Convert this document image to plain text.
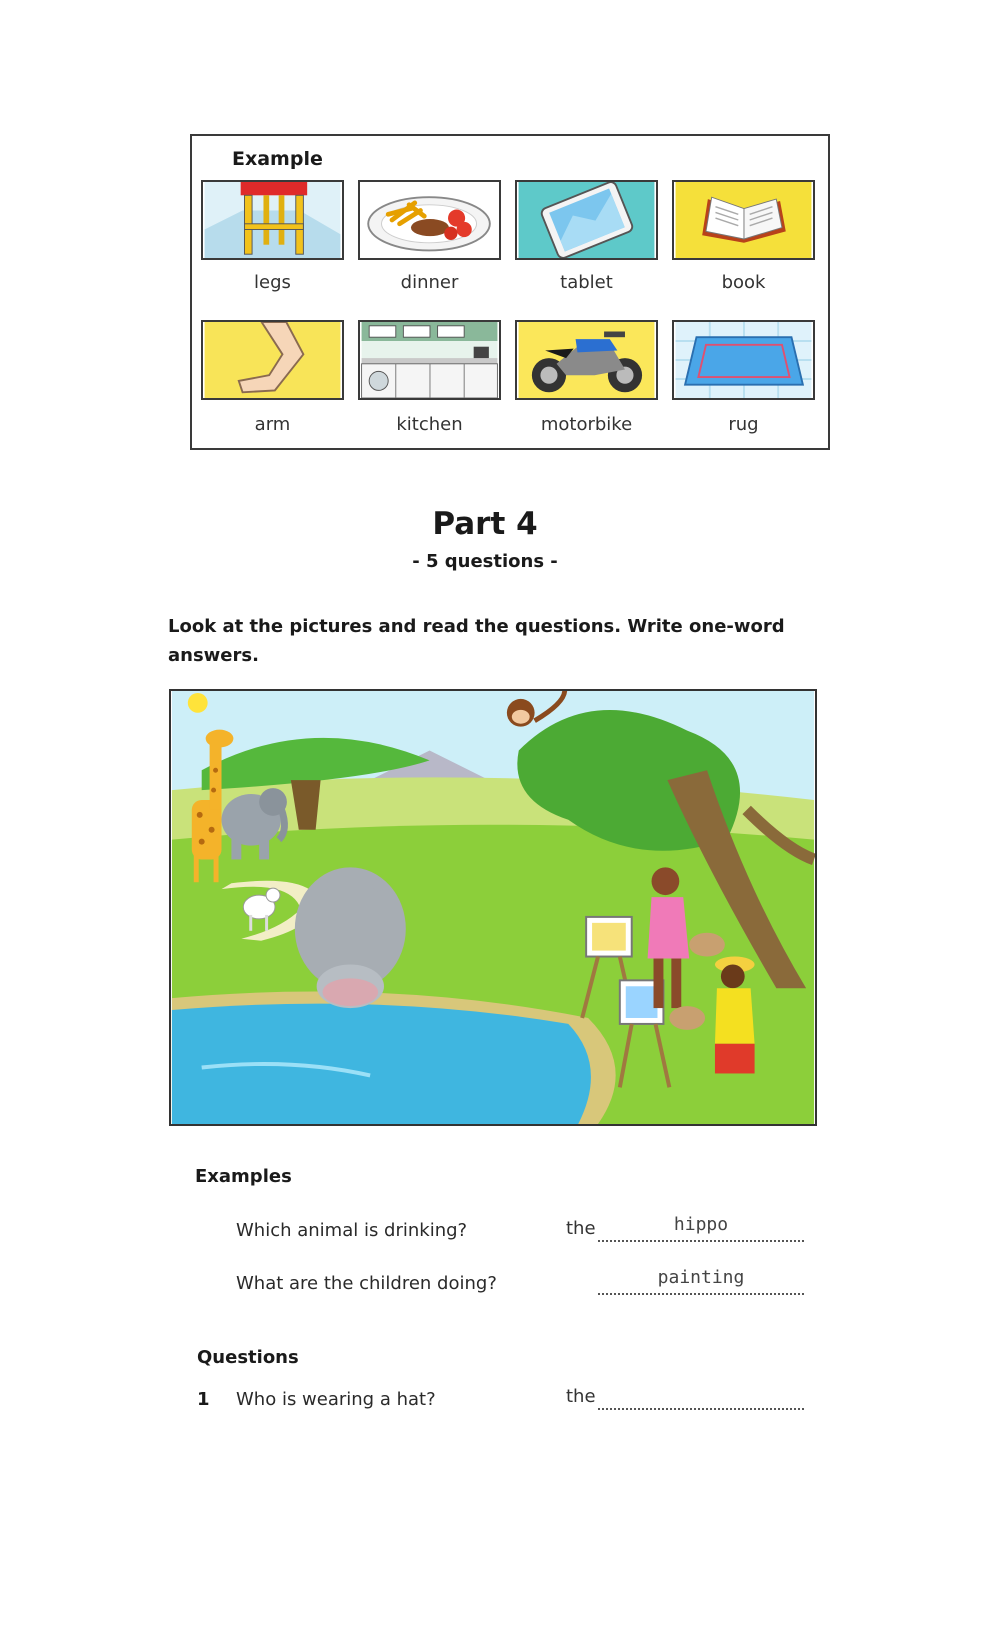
Example
legs	dinner	tablet	book
arm	kitchen	motorbike	rug
Part 4
- 5 questions -
Look at the pictures and read the questions. Write one-word answers.
Examples
Which animal is drinking?	the	hippo
What are the children doing?	painting
Questions
1 Who is wearing a hat?	the
